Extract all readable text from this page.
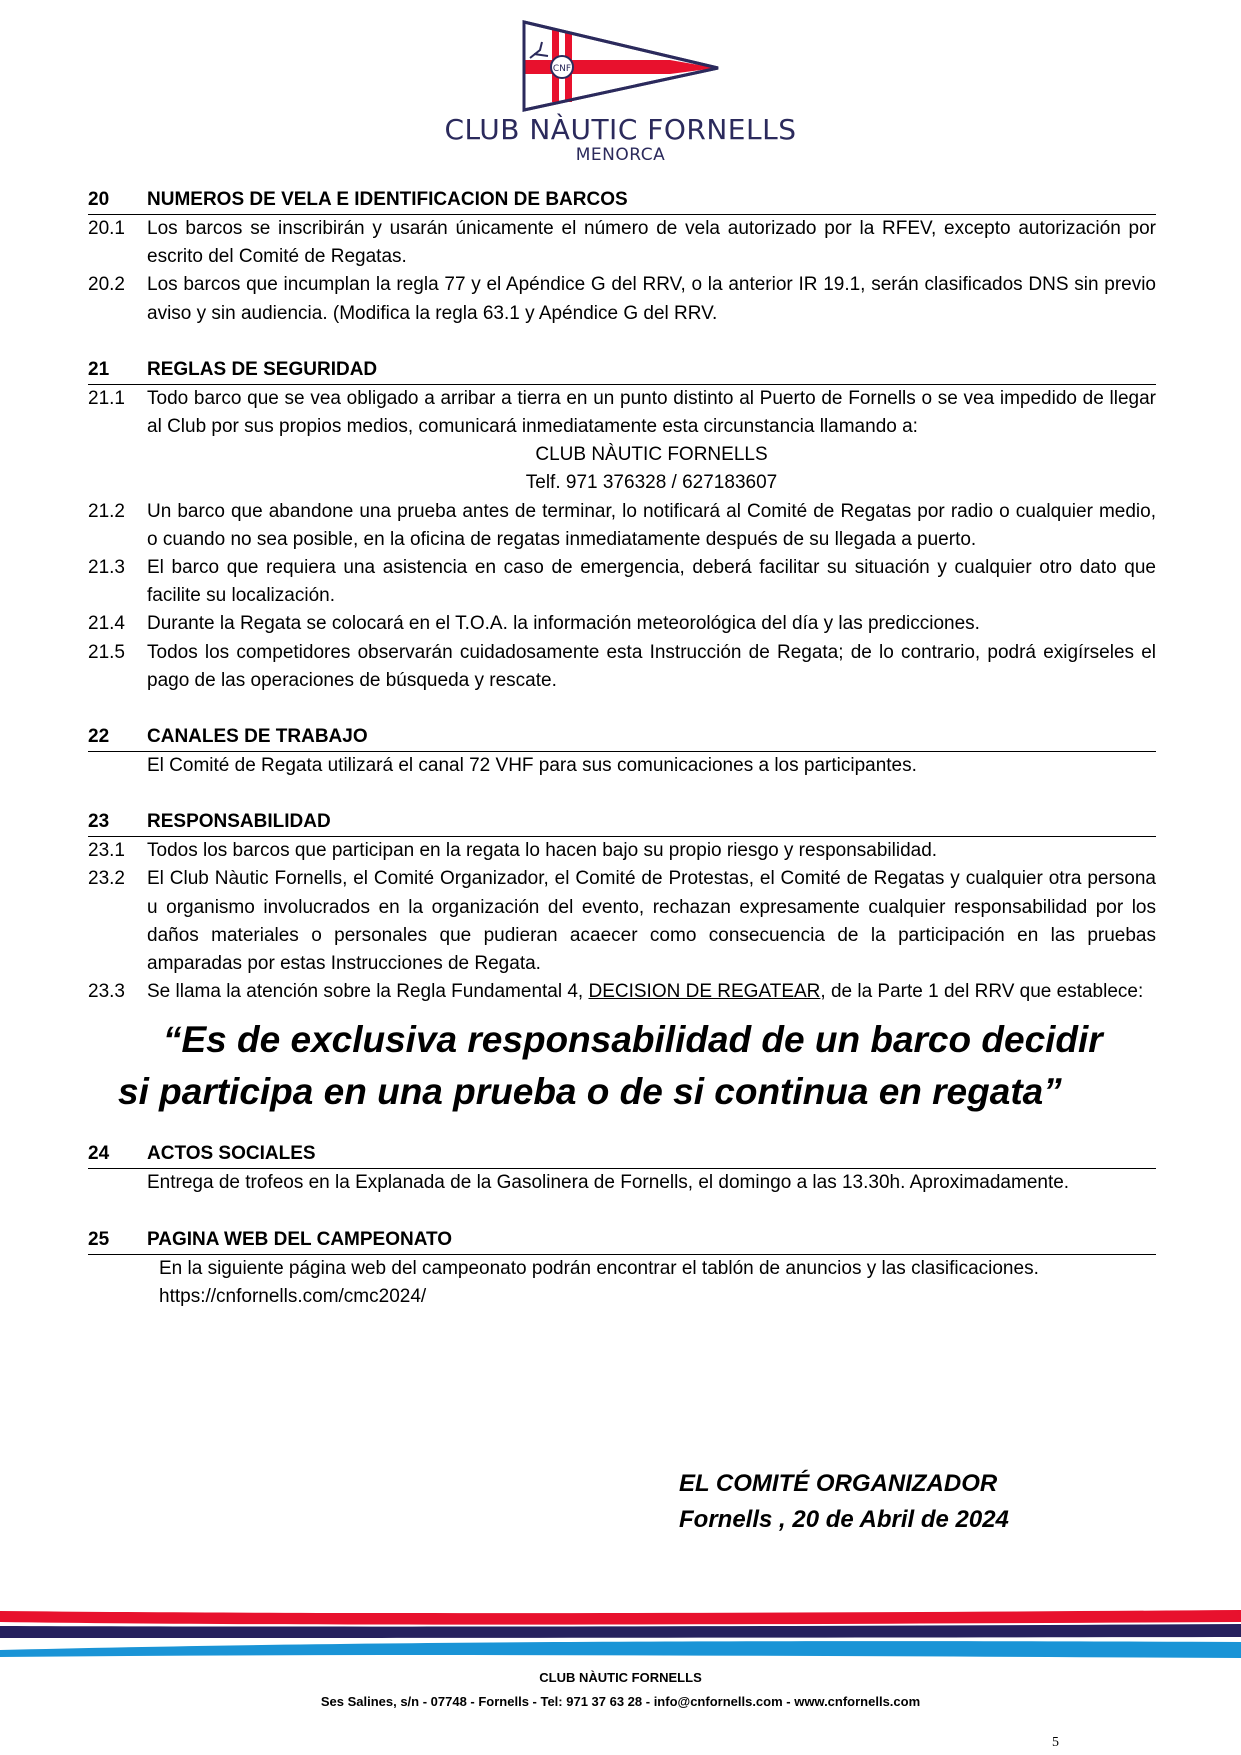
CNF
CLUB NÀUTIC FORNELLS
MENORCA
20	NUMEROS DE VELA E IDENTIFICACION DE BARCOS
20.1	Los barcos se inscribirán y usarán únicamente el número de vela autorizado por la RFEV, excepto autorización por escrito del Comité de Regatas.
20.2	Los barcos que incumplan la regla 77 y el Apéndice G del RRV, o la anterior IR 19.1, serán clasificados DNS sin previo aviso y sin audiencia. (Modifica la regla 63.1 y Apéndice G del RRV.
21	REGLAS DE SEGURIDAD
21.1	Todo barco que se vea obligado a arribar a tierra en un punto distinto al Puerto de Fornells o se vea impedido de llegar al Club por sus propios medios, comunicará inmediatamente esta circunstancia llamando a:
CLUB NÀUTIC FORNELLS
Telf. 971 376328 / 627183607
21.2	Un barco que abandone una prueba antes de terminar, lo notificará al Comité de Regatas por radio o cualquier medio, o cuando no sea posible, en la oficina de regatas inmediatamente después de su llegada a puerto.
21.3	El barco que requiera una asistencia en caso de emergencia, deberá facilitar su situación y cualquier otro dato que facilite su localización.
21.4	Durante la Regata se colocará en el T.O.A. la información meteorológica del día y las predicciones.
21.5	Todos los competidores observarán cuidadosamente esta Instrucción de Regata; de lo contrario, podrá exigírseles el pago de las operaciones de búsqueda y rescate.
22	CANALES DE TRABAJO
El Comité de Regata utilizará el canal 72 VHF para sus comunicaciones a los participantes.
23	RESPONSABILIDAD
23.1	Todos los barcos que participan en la regata lo hacen bajo su propio riesgo y responsabilidad.
23.2	El Club Nàutic Fornells, el Comité Organizador, el Comité de Protestas, el Comité de Regatas y cualquier otra persona u organismo involucrados en la organización del evento, rechazan expresamente cualquier responsabilidad por los daños materiales o personales que pudieran acaecer como consecuencia de la participación en las pruebas amparadas por estas Instrucciones de Regata.
23.3	Se llama la atención sobre la Regla Fundamental 4, DECISION DE REGATEAR, de la Parte 1 del RRV que establece:
“Es de exclusiva responsabilidad de un barco decidir
si participa en una prueba o de si continua en regata”
24	ACTOS SOCIALES
Entrega de trofeos en la Explanada de la Gasolinera de Fornells, el domingo a las 13.30h. Aproximadamente.
25	PAGINA WEB DEL CAMPEONATO
En la siguiente página web del campeonato podrán encontrar el tablón de anuncios y las clasificaciones.
https://cnfornells.com/cmc2024/
EL COMITÉ ORGANIZADOR
Fornells , 20 de Abril de 2024
CLUB NÀUTIC FORNELLS
Ses Salines, s/n - 07748 - Fornells - Tel: 971 37 63 28 - info@cnfornells.com - www.cnfornells.com
5
